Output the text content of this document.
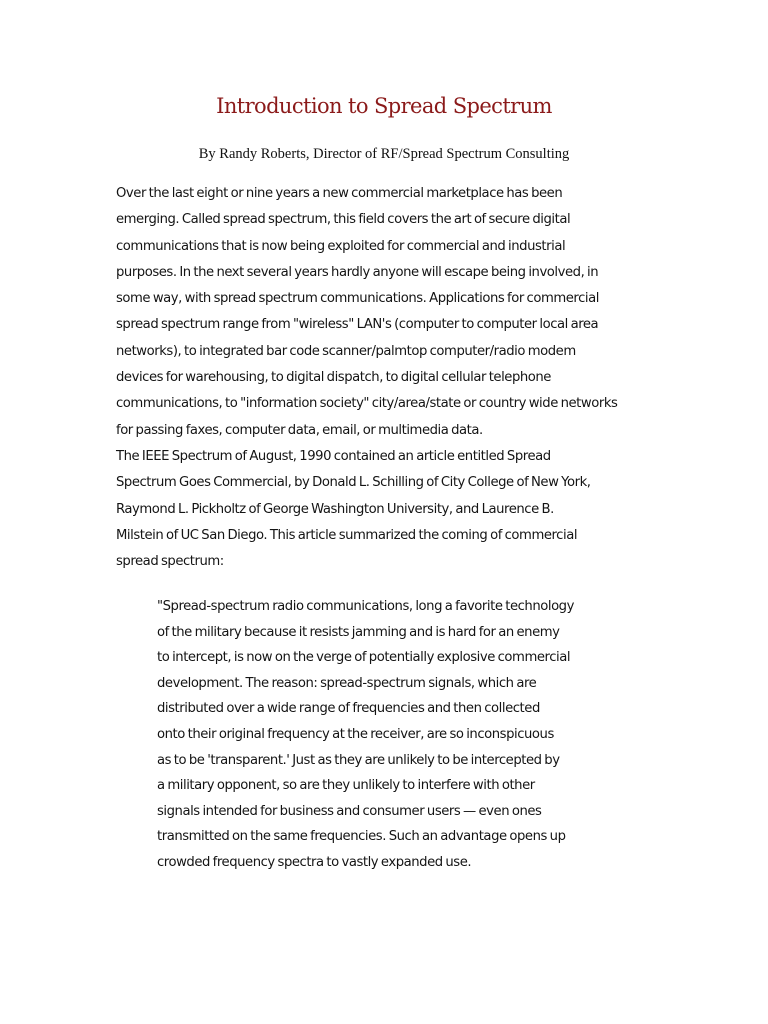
Introduction to Spread Spectrum

By Randy Roberts, Director of RF/Spread Spectrum Consulting

Over the last eight or nine years a new commercial marketplace has been
emerging. Called spread spectrum, this field covers the art of secure digital
communications that is now being exploited for commercial and industrial
purposes. In the next several years hardly anyone will escape being involved, in
some way, with spread spectrum communications. Applications for commercial
spread spectrum range from "wireless" LAN's (computer to computer local area
networks), to integrated bar code scanner/palmtop computer/radio modem
devices for warehousing, to digital dispatch, to digital cellular telephone
communications, to "information society" city/area/state or country wide networks
for passing faxes, computer data, email, or multimedia data.
The IEEE Spectrum of August, 1990 contained an article entitled Spread
Spectrum Goes Commercial, by Donald L. Schilling of City College of New York,
Raymond L. Pickholtz of George Washington University, and Laurence B.
Milstein of UC San Diego. This article summarized the coming of commercial
spread spectrum:
"Spread-spectrum radio communications, long a favorite technology
of the military because it resists jamming and is hard for an enemy
to intercept, is now on the verge of potentially explosive commercial
development. The reason: spread-spectrum signals, which are
distributed over a wide range of frequencies and then collected
onto their original frequency at the receiver, are so inconspicuous
as to be 'transparent.' Just as they are unlikely to be intercepted by
a military opponent, so are they unlikely to interfere with other
signals intended for business and consumer users — even ones
transmitted on the same frequencies. Such an advantage opens up
crowded frequency spectra to vastly expanded use.
